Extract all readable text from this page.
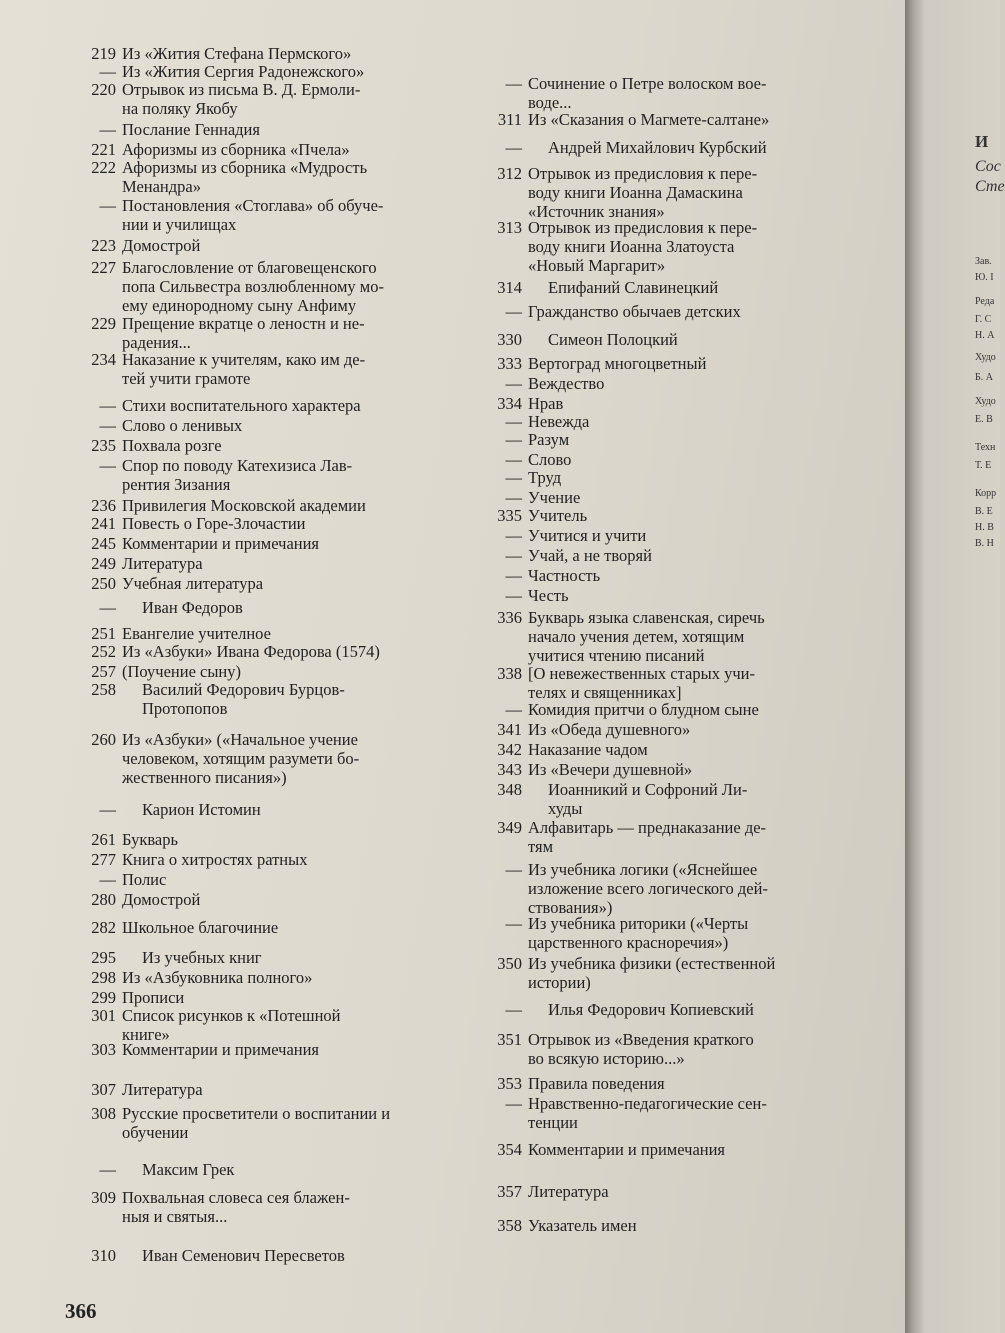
219 Из «Жития Стефана Пермского»
— Из «Жития Сергия Радонежского»
220 Отрывок из письма В. Д. Ермоли-
на поляку Якобу
— Послание Геннадия
221 Афоризмы из сборника «Пчела»
222 Афоризмы из сборника «Мудрость
Менандра»
— Постановления «Стоглава» об обуче-
нии и училищах
223 Домострой
227 Благословление от благовещенского
попа Сильвестра возлюбленному мо-
ему единородному сыну Анфиму
229 Прещение вкратце о леностн и не-
радения...
234 Наказание к учителям, како им де-
тей учити грамоте
— Стихи воспитательного характера
— Слово о ленивых
235 Похвала розге
— Спор по поводу Катехизиса Лав-
рентия Зизания
236 Привилегия Московской академии
241 Повесть о Горе-Злочастии
245 Комментарии и примечания
249 Литература
250 Учебная литература
—	Иван Федоров
251 Евангелие учителное
252 Из «Азбуки» Ивана Федорова (1574)
257 (Поучение сыну)
258	Василий Федорович Бурцов-
Протопопов
260 Из «Азбуки» («Начальное учение
человеком, хотящим разумети бо-
жественного писания»)
—	Карион Истомин
261 Букварь
277 Книга о хитростях ратных
— Полис
280 Домострой
282 Школьное благочиние
295	Из учебных книг
298 Из «Азбуковника полного»
299 Прописи
301 Список рисунков к «Потешной
книге»
303 Комментарии и примечания
307 Литература
308 Русские просветители о воспитании и
обучении
—	Максим Грек
309 Похвальная словеса сея блажен-
ныя и святыя...
310	Иван Семенович Пересветов
— Сочинение о Петре волоском вое-
воде...
311 Из «Сказания о Магмете-салтане»
—	Андрей Михайлович Курбский
312 Отрывок из предисловия к пере-
воду книги Иоанна Дамаскина
«Источник знания»
313 Отрывок из предисловия к пере-
воду книги Иоанна Златоуста
«Новый Маргарит»
314	Епифаний Славинецкий
— Гражданство обычаев детских
330	Симеон Полоцкий
333 Вертоград многоцветный
— Веждество
334 Нрав
— Невежда
— Разум
— Слово
— Труд
— Учение
335 Учитель
— Учитися и учити
— Учай, а не творяй
— Частность
— Честь
336 Букварь языка славенская, сиречь
начало учения детем, хотящим
учитися чтению писаний
338 [О невежественных старых учи-
телях и священниках]
— Комидия притчи о блудном сыне
341 Из «Обеда душевного»
342 Наказание чадом
343 Из «Вечери душевной»
348	Иоанникий и Софроний Ли-
худы
349 Алфавитарь — преднаказание де-
тям
— Из учебника логики («Яснейшее
изложение всего логического дей-
ствования»)
— Из учебника риторики («Черты
царственного красноречия»)
350 Из учебника физики (естественной
истории)
—	Илья Федорович Копиевский
351 Отрывок из «Введения краткого
во всякую историю...»
353 Правила поведения
— Нравственно-педагогические сен-
тенции
354 Комментарии и примечания
357 Литература
358 Указатель имен
366
И
Сос
Сте
Зав.
Ю. I
Реда
Г. С
Н. А
Худо
Б. А
Худо
Е. В
Техн
Т. Е
Корр
В. Е
Н. В
В. Н
